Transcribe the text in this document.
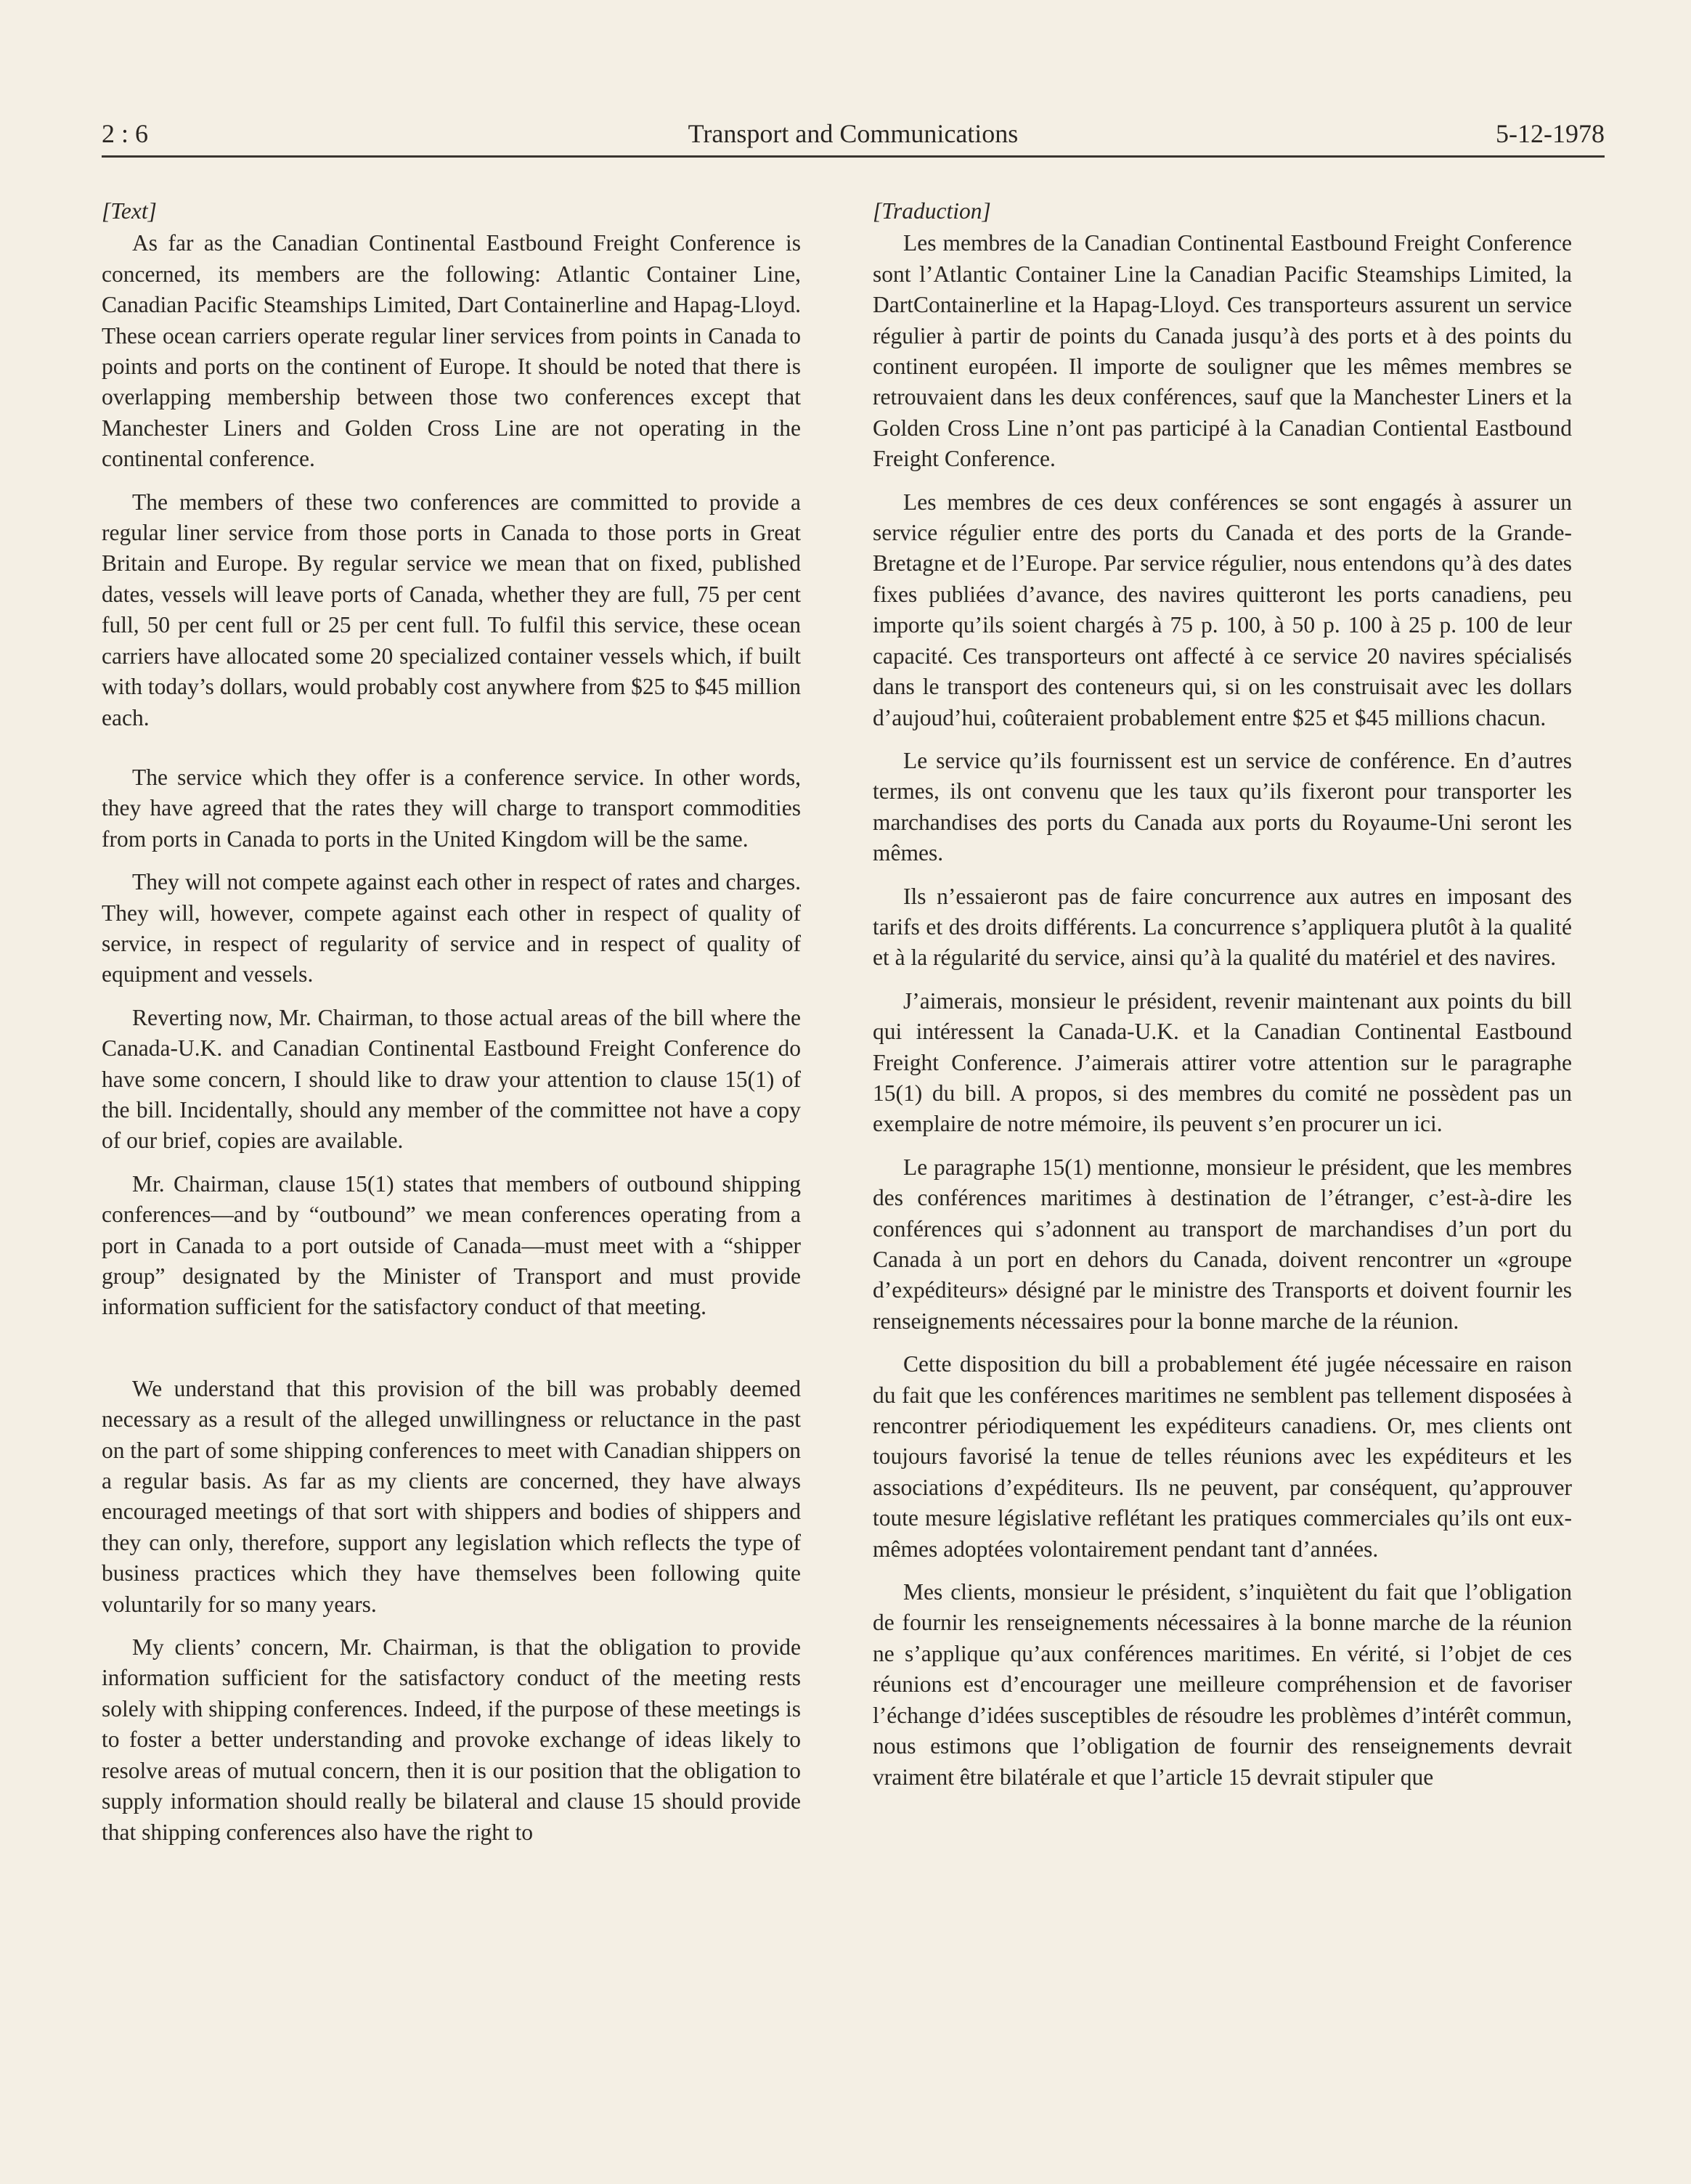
2 : 6	Transport and Communications	5-12-1978

[Text]

As far as the Canadian Continental Eastbound Freight Conference is concerned, its members are the following: Atlantic Container Line, Canadian Pacific Steamships Limited, Dart Containerline and Hapag-Lloyd. These ocean carriers operate regular liner services from points in Canada to points and ports on the continent of Europe. It should be noted that there is overlapping membership between those two conferences except that Manchester Liners and Golden Cross Line are not operating in the continental conference.

The members of these two conferences are committed to provide a regular liner service from those ports in Canada to those ports in Great Britain and Europe. By regular service we mean that on fixed, published dates, vessels will leave ports of Canada, whether they are full, 75 per cent full, 50 per cent full or 25 per cent full. To fulfil this service, these ocean carriers have allocated some 20 specialized container vessels which, if built with today’s dollars, would probably cost anywhere from $25 to $45 million each.

The service which they offer is a conference service. In other words, they have agreed that the rates they will charge to transport commodities from ports in Canada to ports in the United Kingdom will be the same.

They will not compete against each other in respect of rates and charges. They will, however, compete against each other in respect of quality of service, in respect of regularity of service and in respect of quality of equipment and vessels.

Reverting now, Mr. Chairman, to those actual areas of the bill where the Canada-U.K. and Canadian Continental Eastbound Freight Conference do have some concern, I should like to draw your attention to clause 15(1) of the bill. Incidentally, should any member of the committee not have a copy of our brief, copies are available.

Mr. Chairman, clause 15(1) states that members of outbound shipping conferences—and by “outbound” we mean conferences operating from a port in Canada to a port outside of Canada—must meet with a “shipper group” designated by the Minister of Transport and must provide information sufficient for the satisfactory conduct of that meeting.

We understand that this provision of the bill was probably deemed necessary as a result of the alleged unwillingness or reluctance in the past on the part of some shipping conferences to meet with Canadian shippers on a regular basis. As far as my clients are concerned, they have always encouraged meetings of that sort with shippers and bodies of shippers and they can only, therefore, support any legislation which reflects the type of business practices which they have themselves been following quite voluntarily for so many years.

My clients’ concern, Mr. Chairman, is that the obligation to provide information sufficient for the satisfactory conduct of the meeting rests solely with shipping conferences. Indeed, if the purpose of these meetings is to foster a better understanding and provoke exchange of ideas likely to resolve areas of mutual concern, then it is our position that the obligation to supply information should really be bilateral and clause 15 should provide that shipping conferences also have the right to

[Traduction]

Les membres de la Canadian Continental Eastbound Freight Conference sont l’Atlantic Container Line la Canadian Pacific Steamships Limited, la DartContainerline et la Hapag-Lloyd. Ces transporteurs assurent un service régulier à partir de points du Canada jusqu’à des ports et à des points du continent européen. Il importe de souligner que les mêmes membres se retrouvaient dans les deux conférences, sauf que la Manchester Liners et la Golden Cross Line n’ont pas participé à la Canadian Contiental Eastbound Freight Conference.

Les membres de ces deux conférences se sont engagés à assurer un service régulier entre des ports du Canada et des ports de la Grande-Bretagne et de l’Europe. Par service régulier, nous entendons qu’à des dates fixes publiées d’avance, des navires quitteront les ports canadiens, peu importe qu’ils soient chargés à 75 p. 100, à 50 p. 100 à 25 p. 100 de leur capacité. Ces transporteurs ont affecté à ce service 20 navires spécialisés dans le transport des conteneurs qui, si on les construisait avec les dollars d’aujoud’hui, coûteraient probablement entre $25 et $45 millions chacun.

Le service qu’ils fournissent est un service de conférence. En d’autres termes, ils ont convenu que les taux qu’ils fixeront pour transporter les marchandises des ports du Canada aux ports du Royaume-Uni seront les mêmes.

Ils n’essaieront pas de faire concurrence aux autres en imposant des tarifs et des droits différents. La concurrence s’appliquera plutôt à la qualité et à la régularité du service, ainsi qu’à la qualité du matériel et des navires.

J’aimerais, monsieur le président, revenir maintenant aux points du bill qui intéressent la Canada-U.K. et la Canadian Continental Eastbound Freight Conference. J’aimerais attirer votre attention sur le paragraphe 15(1) du bill. A propos, si des membres du comité ne possèdent pas un exemplaire de notre mémoire, ils peuvent s’en procurer un ici.

Le paragraphe 15(1) mentionne, monsieur le président, que les membres des conférences maritimes à destination de l’étranger, c’est-à-dire les conférences qui s’adonnent au transport de marchandises d’un port du Canada à un port en dehors du Canada, doivent rencontrer un «groupe d’expéditeurs» désigné par le ministre des Transports et doivent fournir les renseignements nécessaires pour la bonne marche de la réunion.

Cette disposition du bill a probablement été jugée nécessaire en raison du fait que les conférences maritimes ne semblent pas tellement disposées à rencontrer périodiquement les expéditeurs canadiens. Or, mes clients ont toujours favorisé la tenue de telles réunions avec les expéditeurs et les associations d’expéditeurs. Ils ne peuvent, par conséquent, qu’approuver toute mesure législative reflétant les pratiques commerciales qu’ils ont eux-mêmes adoptées volontairement pendant tant d’années.

Mes clients, monsieur le président, s’inquiètent du fait que l’obligation de fournir les renseignements nécessaires à la bonne marche de la réunion ne s’applique qu’aux conférences maritimes. En vérité, si l’objet de ces réunions est d’encourager une meilleure compréhension et de favoriser l’échange d’idées susceptibles de résoudre les problèmes d’intérêt commun, nous estimons que l’obligation de fournir des renseignements devrait vraiment être bilatérale et que l’article 15 devrait stipuler que
